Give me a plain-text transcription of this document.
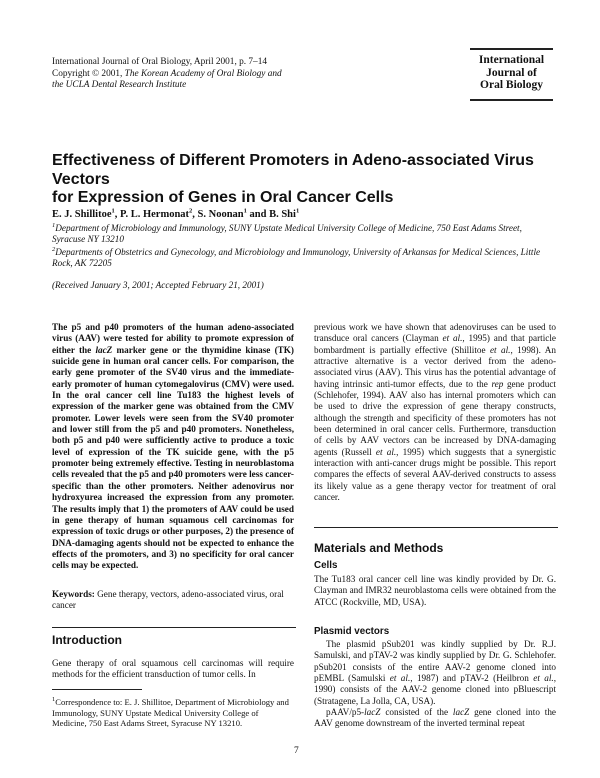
International Journal of Oral Biology, April 2001, p. 7–14
Copyright © 2001, The Korean Academy of Oral Biology and
the UCLA Dental Research Institute
International
Journal of
Oral Biology
Effectiveness of Different Promoters in Adeno-associated Virus Vectors
for Expression of Genes in Oral Cancer Cells
E. J. Shillitoe$^1$, P. L. Hermonat$^2$, S. Noonan$^1$ and B. Shi$^1$
$^1$Department of Microbiology and Immunology, SUNY Upstate Medical University College of Medicine, 750 East Adams Street, Syracuse NY 13210
$^2$Departments of Obstetrics and Gynecology, and Microbiology and Immunology, University of Arkansas for Medical Sciences, Little Rock, AK 72205
(Received January 3, 2001; Accepted February 21, 2001)
The p5 and p40 promoters of the human adeno-associated virus (AAV) were tested for ability to promote expression of either the lacZ marker gene or the thymidine kinase (TK) suicide gene in human oral cancer cells. For comparison, the early gene promoter of the SV40 virus and the immediate-early promoter of human cytomegalovirus (CMV) were used. In the oral cancer cell line Tu183 the highest levels of expression of the marker gene was obtained from the CMV promoter. Lower levels were seen from the SV40 promoter and lower still from the p5 and p40 promoters. Nonetheless, both p5 and p40 were sufficiently active to produce a toxic level of expression of the TK suicide gene, with the p5 promoter being extremely effective. Testing in neuroblastoma cells revealed that the p5 and p40 promoters were less cancer-specific than the other promoters. Neither adenovirus nor hydroxyurea increased the expression from any promoter. The results imply that 1) the promoters of AAV could be used in gene therapy of human squamous cell carcinomas for expression of toxic drugs or other purposes, 2) the presence of DNA-damaging agents should not be expected to enhance the effects of the promoters, and 3) no specificity for oral cancer cells may be expected.
Keywords: Gene therapy, vectors, adeno-associated virus, oral cancer
Introduction
Gene therapy of oral squamous cell carcinomas will require methods for the efficient transduction of tumor cells. In
$^1$Correspondence to: E. J. Shillitoe, Department of Microbiology and Immunology, SUNY Upstate Medical University College of Medicine, 750 East Adams Street, Syracuse NY 13210.
previous work we have shown that adenoviruses can be used to transduce oral cancers (Clayman et al., 1995) and that particle bombardment is partially effective (Shillitoe et al., 1998). An attractive alternative is a vector derived from the adeno-associated virus (AAV). This virus has the potential advantage of having intrinsic anti-tumor effects, due to the rep gene product (Schlehofer, 1994). AAV also has internal promoters which can be used to drive the expression of gene therapy constructs, although the strength and specificity of these promoters has not been determined in oral cancer cells. Furthermore, transduction of cells by AAV vectors can be increased by DNA-damaging agents (Russell et al., 1995) which suggests that a synergistic interaction with anti-cancer drugs might be possible. This report compares the effects of several AAV-derived constructs to assess its likely value as a gene therapy vector for treatment of oral cancer.
Materials and Methods
Cells
The Tu183 oral cancer cell line was kindly provided by Dr. G. Clayman and IMR32 neuroblastoma cells were obtained from the ATCC (Rockville, MD, USA).
Plasmid vectors

The plasmid pSub201 was kindly supplied by Dr. R.J. Samulski, and pTAV-2 was kindly supplied by Dr. G. Schlehofer. pSub201 consists of the entire AAV-2 genome cloned into pEMBL (Samulski et al., 1987) and pTAV-2 (Heilbron et al., 1990) consists of the AAV-2 genome cloned into pBluescript (Stratagene, La Jolla, CA, USA).

pAAV/p5-lacZ consisted of the lacZ gene cloned into the AAV genome downstream of the inverted terminal repeat

7
